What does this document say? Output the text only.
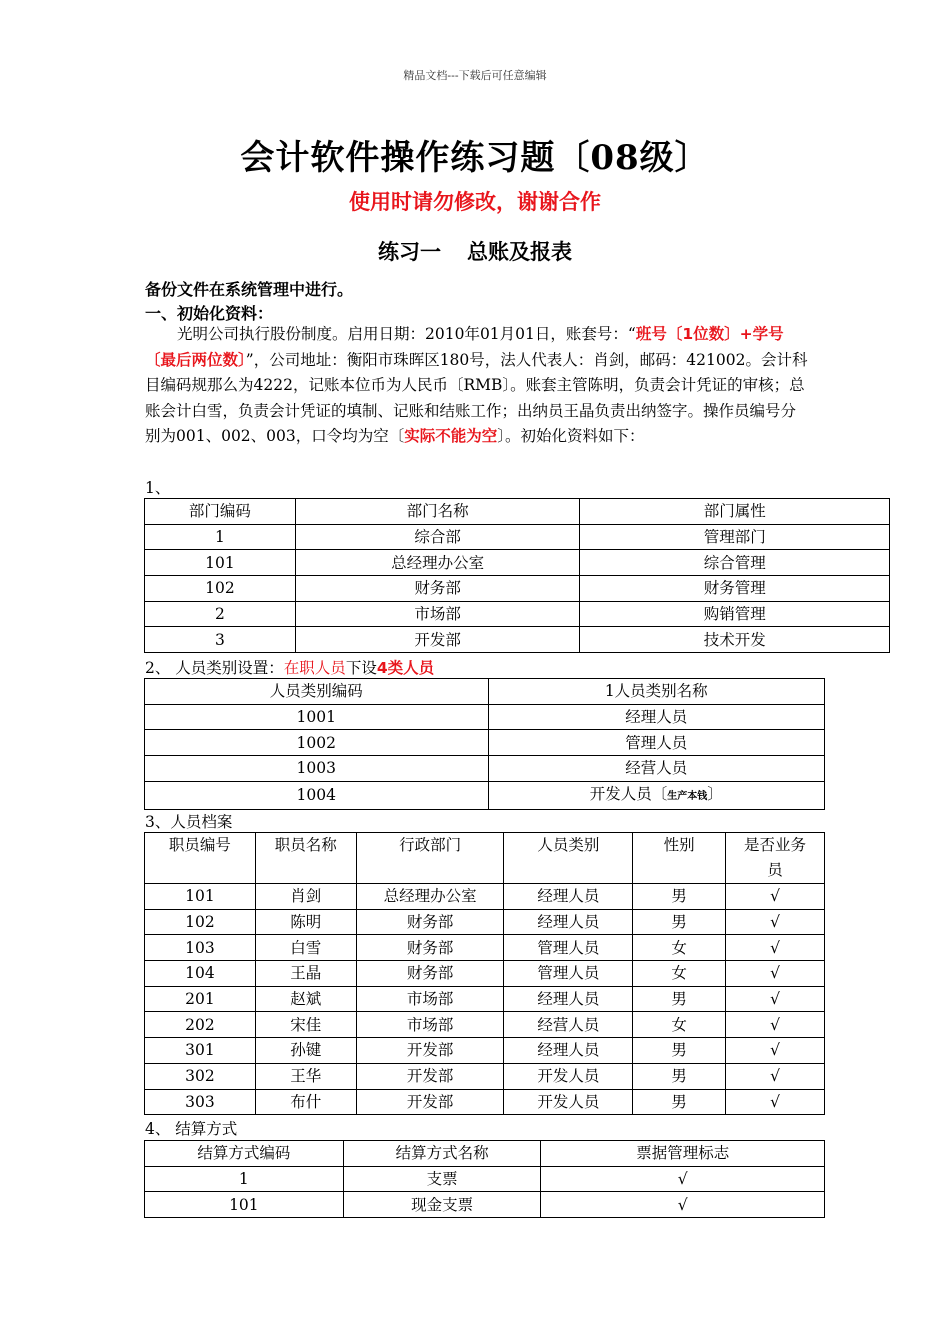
精品文档---下载后可任意编辑
会计软件操作练习题〔08级〕
使用时请勿修改，谢谢合作
练习一 总账及报表
备份文件在系统管理中进行。
一、初始化资料：
光明公司执行股份制度。启用日期：2010年01月01日，账套号：“班号〔1位数〕+学号〔最后两位数〕”，公司地址：衡阳市珠晖区180号，法人代表人：肖剑，邮码：421002。会计科目编码规那么为4222，记账本位币为人民币〔RMB〕。账套主管陈明，负责会计凭证的审核；总账会计白雪，负责会计凭证的填制、记账和结账工作；出纳员王晶负责出纳签字。操作员编号分别为001、002、003，口令均为空〔实际不能为空〕。初始化资料如下：
1、
部门编码	部门名称	部门属性
1	综合部	管理部门
101	总经理办公室	综合管理
102	财务部	财务管理
2	市场部	购销管理
3	开发部	技术开发
2、 人员类别设置：在职人员下设4类人员
人员类别编码	1人员类别名称
1001	经理人员
1002	管理人员
1003	经营人员
1004	开发人员〔生产本钱〕
3、人员档案
职员编号	职员名称	行政部门	人员类别	性别	是否业务
员
101	肖剑	总经理办公室	经理人员	男	√
102	陈明	财务部	经理人员	男	√
103	白雪	财务部	管理人员	女	√
104	王晶	财务部	管理人员	女	√
201	赵斌	市场部	经理人员	男	√
202	宋佳	市场部	经营人员	女	√
301	孙键	开发部	经理人员	男	√
302	王华	开发部	开发人员	男	√
303	布什	开发部	开发人员	男	√
4、 结算方式
结算方式编码	结算方式名称	票据管理标志
1	支票	√
101	现金支票	√
